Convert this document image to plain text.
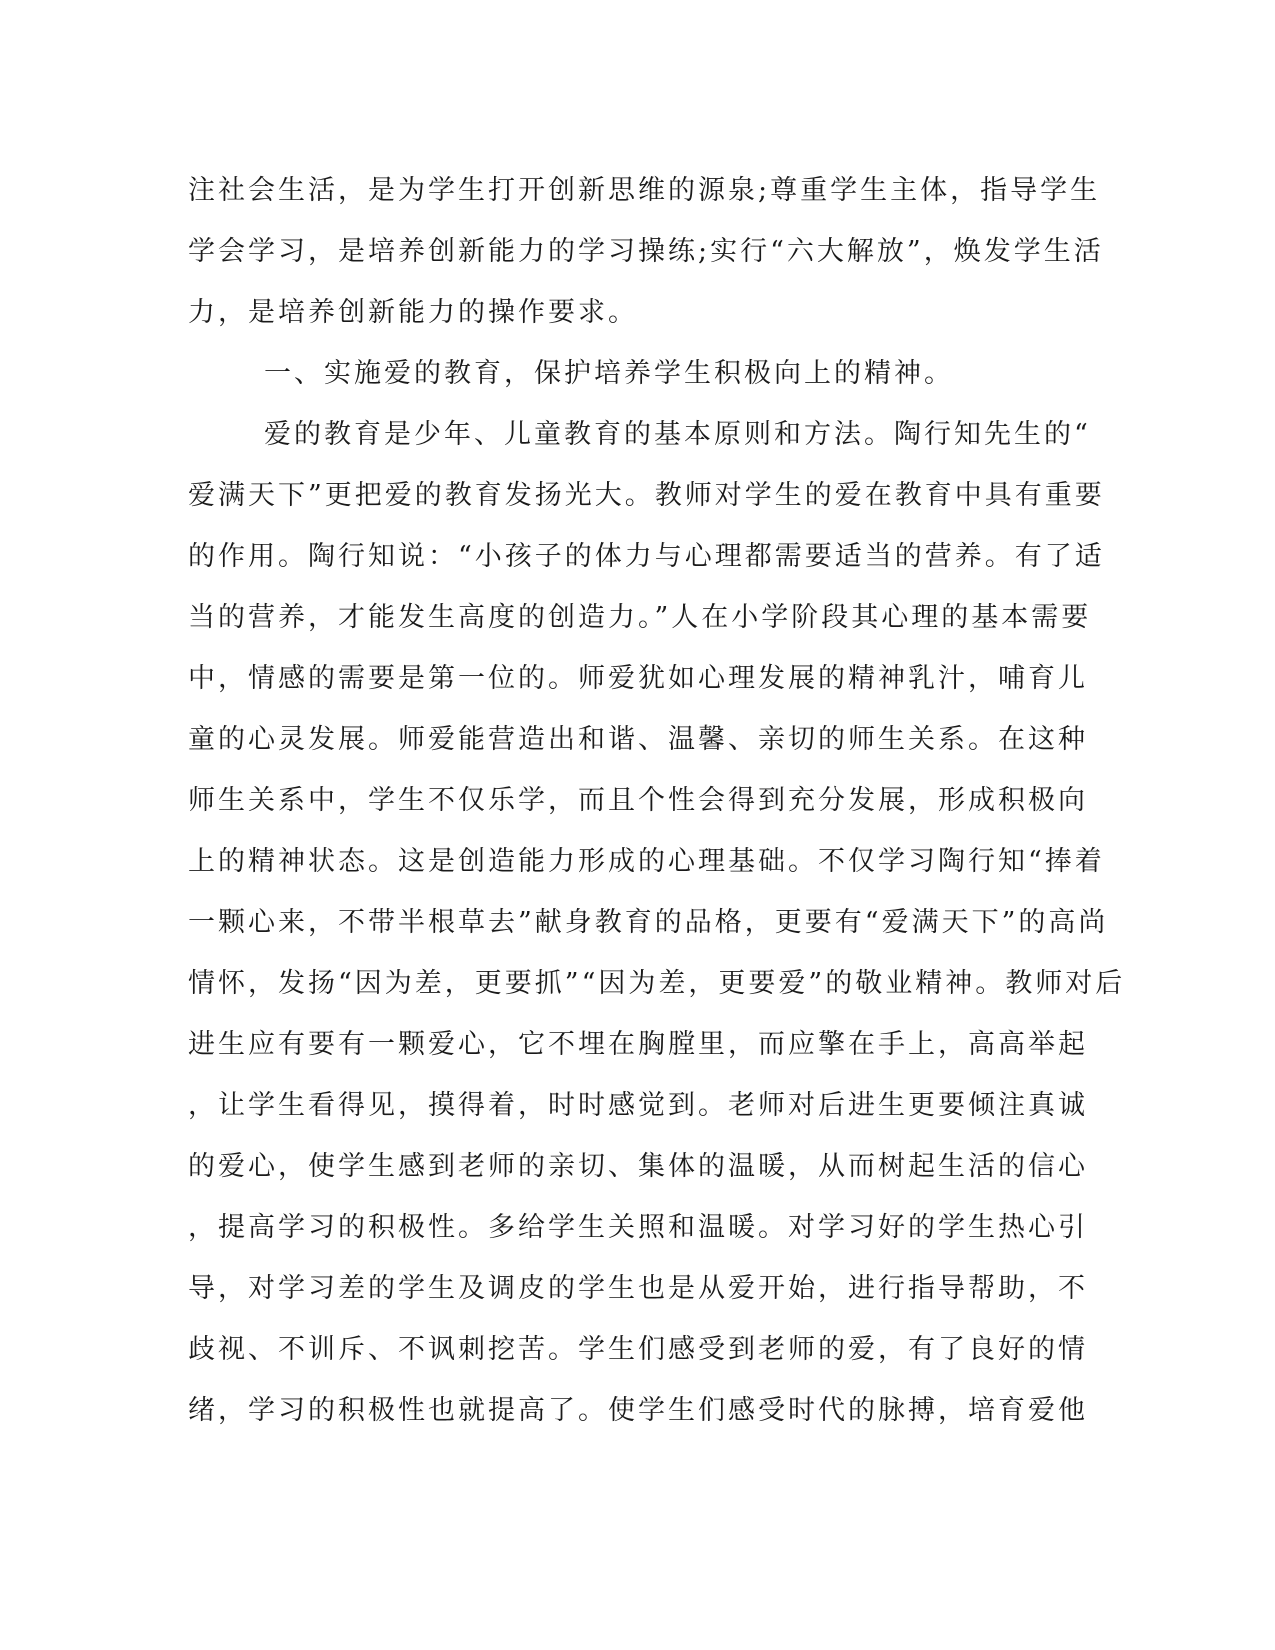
注社会生活，是为学生打开创新思维的源泉;尊重学生主体，指导学生
学会学习，是培养创新能力的学习操练;实行“六大解放”，焕发学生活
力，是培养创新能力的操作要求。
一、实施爱的教育，保护培养学生积极向上的精神。
爱的教育是少年、儿童教育的基本原则和方法。陶行知先生的“
爱满天下”更把爱的教育发扬光大。教师对学生的爱在教育中具有重要
的作用。陶行知说：“小孩子的体力与心理都需要适当的营养。有了适
当的营养，才能发生高度的创造力。”人在小学阶段其心理的基本需要
中，情感的需要是第一位的。师爱犹如心理发展的精神乳汁，哺育儿
童的心灵发展。师爱能营造出和谐、温馨、亲切的师生关系。在这种
师生关系中，学生不仅乐学，而且个性会得到充分发展，形成积极向
上的精神状态。这是创造能力形成的心理基础。不仅学习陶行知“捧着
一颗心来，不带半根草去”献身教育的品格，更要有“爱满天下”的高尚
情怀，发扬“因为差，更要抓”“因为差，更要爱”的敬业精神。教师对后
进生应有要有一颗爱心，它不埋在胸膛里，而应擎在手上，高高举起
，让学生看得见，摸得着，时时感觉到。老师对后进生更要倾注真诚
的爱心，使学生感到老师的亲切、集体的温暖，从而树起生活的信心
，提高学习的积极性。多给学生关照和温暖。对学习好的学生热心引
导，对学习差的学生及调皮的学生也是从爱开始，进行指导帮助，不
歧视、不训斥、不讽刺挖苦。学生们感受到老师的爱，有了良好的情
绪，学习的积极性也就提高了。使学生们感受时代的脉搏，培育爱他
